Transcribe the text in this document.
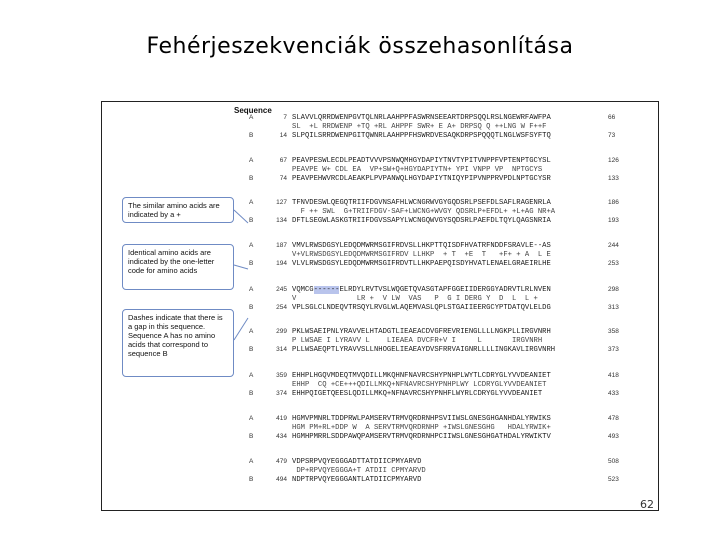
Fehérjeszekvenciák összehasonlítása
Sequence
A	7 SLAVVLQRRDWENPGVTQLNRLAAHPPFASWRNSEEARTDRPSQQLRSLNGEWRFAWFPA	66
SL  +L RRDWENP +TQ +RL AHPPF SWR+ E A+ DRPSQ Q ++LNG W F++F
B	14 SLPQILSRRDWENPGITQWNRLAAHPPFHSWRDVESAQKDRPSPQQQTLNGLWSFSYFTQ	73
A	67 PEAVPESWLECDLPEADTVVVPSNWQMHGYDAPIYTNVTYPITVNPPFVPTENPTGCYSL	126
PEAVPE W+ CDL EA  VP+SW+Q+HGYDAPIYTN+ YPI VNPP VP  NPTGCYS
B	74 PEAVPEHWVRCDLAEAKPLPVPANWQLHGYDAPIYTNIQYPIPVNPPRVPDLNPTGCYSR	133
A	127 TFNVDESWLQEGQTRIIFDGVNSAFHLWCNGRWVGYGQDSRLPSEFDLSAFLRAGENRLA	186
F ++ SWL  G+TRIIFDGV-SAF+LWCNG+WVGY QDSRLP+EFDL+ +L+AG NR+A
B	134 DFTLSEGWLASKGTRIIFDGVSSAPYLWCNGQWVGYSQDSRLPAEFDLTQYLQAGSNRIA	193
A	187 VMVLRWSDGSYLEDQDMWRMSGIFRDVSLLHKPTTQISDFHVATRFNDDFSRAVLE--AS	244
V+VLRWSDGSYLEDQDMWRMSGIFRDV LLHKP  + T  +E  T   +F+ + A  L E
B	194 VLVLRWSDGSYLEDQDMWRMSGIFRDVTLLHKPAEPQISDYHVATLENAELGRAEIRLHE	253
A	245 VQMCG------ELRDYLRVTVSLWQGETQVASGTAPFGGEIIDERGGYADRVTLRLNVEN	298
V              LR +  V LW  VAS   P  G I DERG Y  D  L  L +
B	254 VPLSGLCLNDEQVTRSQYLRVGLWLAQEMVASLQPLSTGAIIEERGCYPTDATQVLELDG	313
A	299 PKLWSAEIPNLYRAVVELHTADGTLIEAEACDVGFREVRIENGLLLLNGKPLLIRGVNRH	358
P LWSAE I LYRAVV L    LIEAEA DVCFR+V I     L       IRGVNRH
B	314 PLLWSAEQPTLYRAVVSLLNHOGELIEAEAYDVSFRRVAIGNRLLLLINGKAVLIRGVNRH	373
A	359 EHHPLHGQVMDEQTMVQDILLMKQHNFNAVRCSHYPNHPLWYTLCDRYGLYVVDEANIET	418
EHHP  CQ +CE+++QDILLMKQ+NFNAVRCSHYPNHPLWY LCDRYGLYVVDEANIET
B	374 EHHPQIGETQEESLQDILLMKQ+NFNAVRCSHYPNHFLWYRLCDRYGLYVVDEANIET	433
A	419 HGMVPMNRLTDDPRWLPAMSERVTRMVQRDRNHPSVIIWSLGNESGHGANHDALYRWIKS	478
HGM PM+RL+DDP W  A SERVTRMVQRDRNHP +IWSLGNESGHG   HDALYRWIK+
B	434 HGMHPMRRLSDDPAWQPAMSERVTRMVQRDRNHPCIIWSLGNESGHGATHDALYRWIKTV	493
A	479 VDPSRPVQYEGGGADTTATDIICPMYARVD	508
DP+RPVQYEGGGA+T ATDII CPMYARVD
B	494 NDPTRPVQYEGGGANTLATDIICPMYARVD	523
The similar amino acids are indicated by a +
Identical amino acids are indicated by the one-letter code for amino acids
Dashes indicate that there is a gap in this sequence. Sequence A has no amino acids that correspond to sequence B
62
